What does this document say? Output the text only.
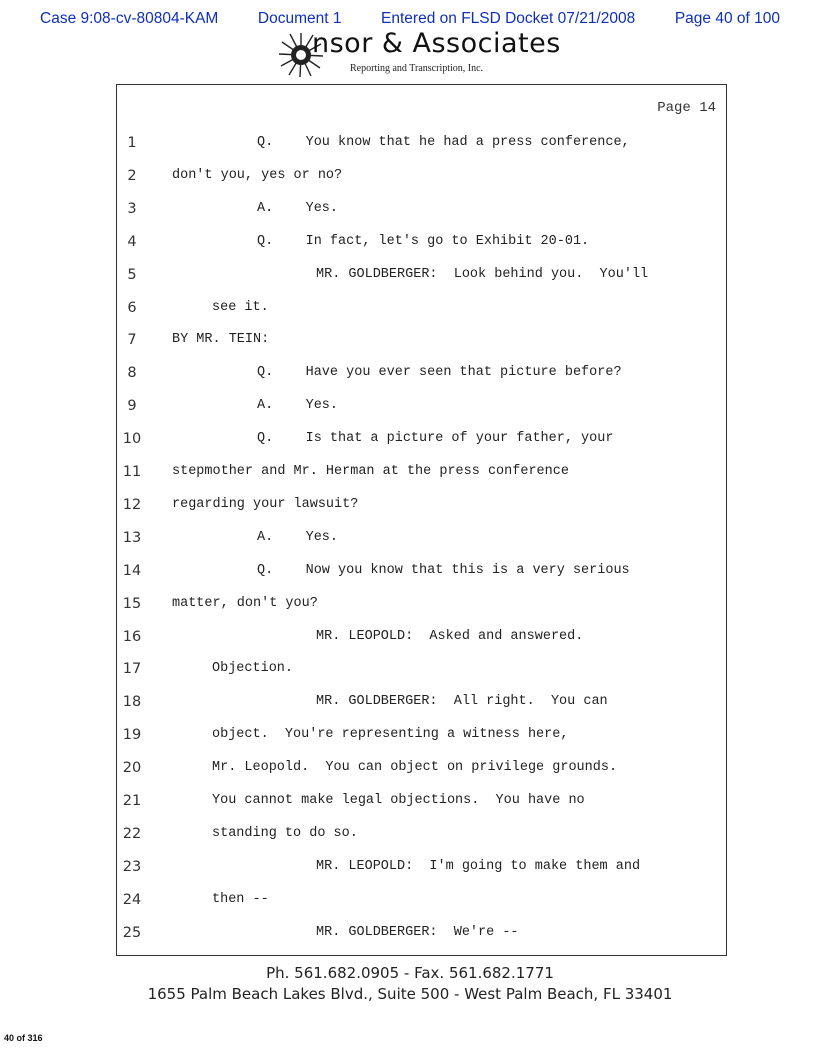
Case 9:08-cv-80804-KAM	Document 1	Entered on FLSD Docket 07/21/2008	Page 40 of 100
nsor & Associates
Reporting and Transcription, Inc.
Page 14
1	Q.    You know that he had a press conference,
2	don't you, yes or no?
3	A.    Yes.
4	Q.    In fact, let's go to Exhibit 20-01.
5	MR. GOLDBERGER:  Look behind you.  You'll
6	see it.
7	BY MR. TEIN:
8	Q.    Have you ever seen that picture before?
9	A.    Yes.
10	Q.    Is that a picture of your father, your
11	stepmother and Mr. Herman at the press conference
12	regarding your lawsuit?
13	A.    Yes.
14	Q.    Now you know that this is a very serious
15	matter, don't you?
16	MR. LEOPOLD:  Asked and answered.
17	Objection.
18	MR. GOLDBERGER:  All right.  You can
19	object.  You're representing a witness here,
20	Mr. Leopold.  You can object on privilege grounds.
21	You cannot make legal objections.  You have no
22	standing to do so.
23	MR. LEOPOLD:  I'm going to make them and
24	then --
25	MR. GOLDBERGER:  We're --
Ph. 561.682.0905 - Fax. 561.682.1771
1655 Palm Beach Lakes Blvd., Suite 500 - West Palm Beach, FL 33401
40 of 316
